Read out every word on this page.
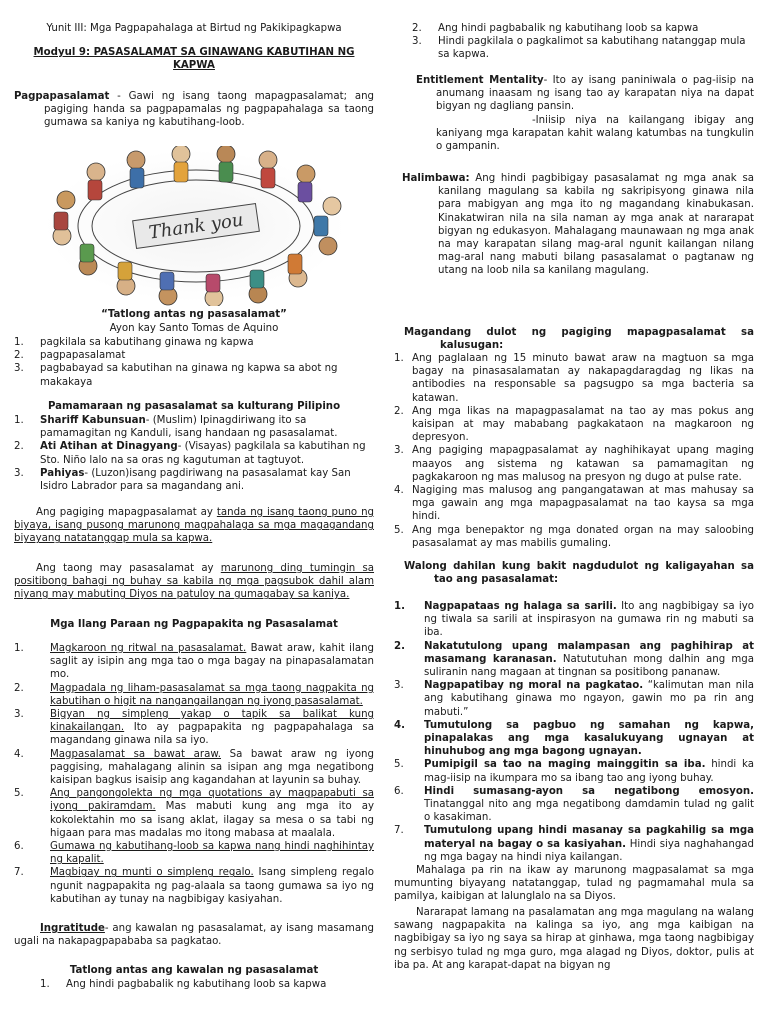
Yunit III: Mga Pagpapahalaga at Birtud ng Pakikipagkapwa
Modyul 9: PASASALAMAT SA GINAWANG KABUTIHAN NG KAPWA

Pagpapasalamat - Gawi ng isang taong mapagpasalamat; ang pagiging handa sa pagpapamalas ng pagpapahalaga sa taong gumawa sa kaniya ng kabutihang-loob.

Thank you
“Tatlong antas ng pasasalamat”
Ayon kay Santo Tomas de Aquino
1. pagkilala sa kabutihang ginawa ng kapwa
2. pagpapasalamat
3. pagbabayad sa kabutihan na ginawa ng kapwa sa abot ng makakaya
Pamamaraan ng pasasalamat sa kulturang Pilipino
1. Shariff Kabunsuan- (Muslim) Ipinagdiriwang ito sa pamamagitan ng Kanduli, isang handaan ng pasasalamat.
2. Ati Atihan at Dinagyang- (Visayas) pagkilala sa kabutihan ng Sto. Niño lalo na sa oras ng kagutuman at tagtuyot.
3. Pahiyas- (Luzon)isang pagdiriwang na pasasalamat kay San Isidro Labrador para sa magandang ani.

Ang pagiging mapagpasalamat ay tanda ng isang taong puno ng biyaya, isang pusong marunong magpahalaga sa mga magagandang biyayang natatanggap mula sa kapwa.

Ang taong may pasasalamat ay marunong ding tumingin sa positibong bahagi ng buhay sa kabila ng mga pagsubok dahil alam niyang may mabuting Diyos na patuloy na gumagabay sa kaniya.

Mga Ilang Paraan ng Pagpapakita ng Pasasalamat
1.	Magkaroon ng ritwal na pasasalamat. Bawat araw, kahit ilang saglit ay isipin ang mga tao o mga bagay na pinapasalamatan mo.
2.	Magpadala ng liham-pasasalamat sa mga taong nagpakita ng kabutihan o higit na nangangailangan ng iyong pasasalamat.
3.	Bigyan ng simpleng yakap o tapik sa balikat kung kinakailangan. Ito ay pagpapakita ng pagpapahalaga sa magandang ginawa nila sa iyo.
4.	Magpasalamat sa bawat araw. Sa bawat araw ng iyong paggising, mahalagang alinin sa isipan ang mga negatibong kaisipan bagkus isaisip ang kagandahan at layunin sa buhay.
5.	Ang pangongolekta ng mga quotations ay magpapabuti sa iyong pakiramdam. Mas mabuti kung ang mga ito ay kokolektahin mo sa isang aklat, ilagay sa mesa o sa tabi ng higaan para mas madalas mo itong mabasa at maalala.
6.	Gumawa ng kabutihang-loob sa kapwa nang hindi naghihintay ng kapalit.
7.	Magbigay ng munti o simpleng regalo. Isang simpleng regalo ngunit nagpapakita ng pag-alaala sa taong gumawa sa iyo ng kabutihan ay tunay na nagbibigay kasiyahan.

Ingratitude- ang kawalan ng pasasalamat, ay isang masamang ugali na nakapagpapababa sa pagkatao.

Tatlong antas ang kawalan ng pasasalamat
1. Ang hindi pagbabalik ng kabutihang loob sa kapwa
2. Ang hindi pagbabalik ng kabutihang loob sa kapwa
3. Hindi pagkilala o pagkalimot sa kabutihang natanggap mula sa kapwa.

Entitlement Mentality- Ito ay isang paniniwala o pag-iisip na anumang inaasam ng isang tao ay karapatan niya na dapat bigyan ng dagliang pansin.

-Iniisip niya na kailangang ibigay ang kaniyang mga karapatan kahit walang katumbas na tungkulin o gampanin.

Halimbawa: Ang hindi pagbibigay pasasalamat ng mga anak sa kanilang magulang sa kabila ng sakripisyong ginawa nila para mabigyan ang mga ito ng magandang kinabukasan. Kinakatwiran nila na sila naman ay mga anak at nararapat bigyan ng edukasyon. Mahalagang maunawaan ng mga anak na may karapatan silang mag-aral ngunit kailangan nilang mag-aral nang mabuti bilang pasasalamat o pagtanaw ng utang na loob nila sa kanilang magulang.

Magandang dulot ng pagiging mapagpasalamat sa kalusugan:

1. Ang paglalaan ng 15 minuto bawat araw na magtuon sa mga bagay na pinasasalamatan ay nakapagdaragdag ng likas na antibodies na responsable sa pagsugpo sa mga bacteria sa katawan.
2. Ang mga likas na mapagpasalamat na tao ay mas pokus ang kaisipan at may mababang pagkakataon na magkaroon ng depresyon.
3. Ang pagiging mapagpasalamat ay naghihikayat upang maging maayos ang sistema ng katawan sa pamamagitan ng pagkakaroon ng mas malusog na presyon ng dugo at pulse rate.
4. Nagiging mas malusog ang pangangatawan at mas mahusay sa mga gawain ang mga mapagpasalamat na tao kaysa sa mga hindi.
5. Ang mga benepaktor ng mga donated organ na may saloobing pasasalamat ay mas mabilis gumaling.

Walong dahilan kung bakit nagdudulot ng kaligayahan sa tao ang pasasalamat:

1. Nagpapataas ng halaga sa sarili. Ito ang nagbibigay sa iyo ng tiwala sa sarili at inspirasyon na gumawa rin ng mabuti sa iba.
2. Nakatutulong upang malampasan ang paghihirap at masamang karanasan. Natututuhan mong dalhin ang mga suliranin nang magaan at tingnan sa positibong pananaw.
3. Nagpapatibay ng moral na pagkatao. “kalimutan man nila ang kabutihang ginawa mo ngayon, gawin mo pa rin ang mabuti.”
4. Tumutulong sa pagbuo ng samahan ng kapwa, pinapalakas ang mga kasalukuyang ugnayan at hinuhubog ang mga bagong ugnayan.
5. Pumipigil sa tao na maging mainggitin sa iba. hindi ka mag-iisip na ikumpara mo sa ibang tao ang iyong buhay.
6. Hindi sumasang-ayon sa negatibong emosyon. Tinatanggal nito ang mga negatibong damdamin tulad ng galit o kasakiman.
7. Tumutulong upang hindi masanay sa pagkahilig sa mga materyal na bagay o sa kasiyahan. Hindi siya naghahangad ng mga bagay na hindi niya kailangan.

Mahalaga pa rin na ikaw ay marunong magpasalamat sa mga mumunting biyayang natatanggap, tulad ng pagmamahal mula sa pamilya, kaibigan at lalunglalo na sa Diyos.

Nararapat lamang na pasalamatan ang mga magulang na walang sawang nagpapakita na kalinga sa iyo, ang mga kaibigan na nagbibigay sa iyo ng saya sa hirap at ginhawa, mga taong nagbibigay ng serbisyo tulad ng mga guro, mga alagad ng Diyos, doktor, pulis at iba pa. At ang karapat-dapat na bigyan ng
